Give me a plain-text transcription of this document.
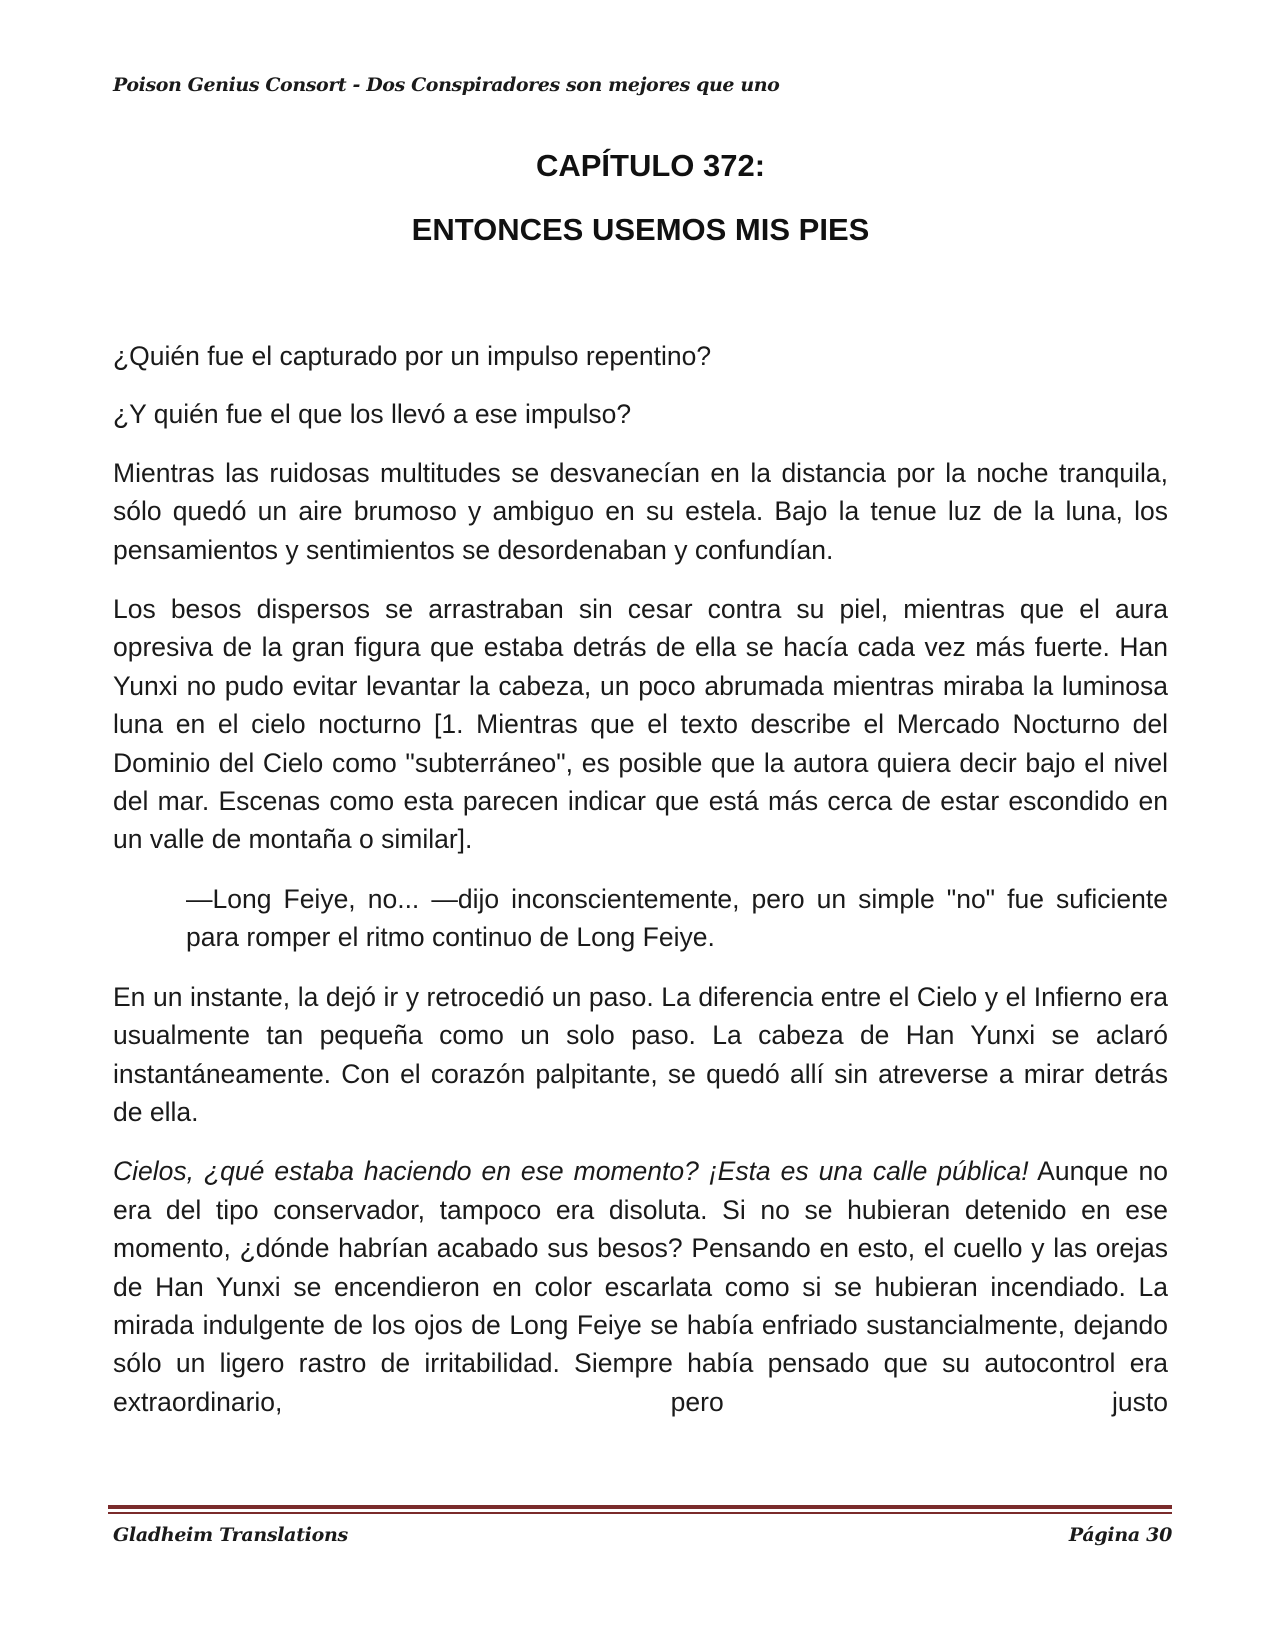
Poison Genius Consort - Dos Conspiradores son mejores que uno
CAPÍTULO 372:
ENTONCES USEMOS MIS PIES

¿Quién fue el capturado por un impulso repentino?

¿Y quién fue el que los llevó a ese impulso?

Mientras las ruidosas multitudes se desvanecían en la distancia por la noche tranquila, sólo quedó un aire brumoso y ambiguo en su estela. Bajo la tenue luz de la luna, los pensamientos y sentimientos se desordenaban y confundían.

Los besos dispersos se arrastraban sin cesar contra su piel, mientras que el aura opresiva de la gran figura que estaba detrás de ella se hacía cada vez más fuerte. Han Yunxi no pudo evitar levantar la cabeza, un poco abrumada mientras miraba la luminosa luna en el cielo nocturno [1. Mientras que el texto describe el Mercado Nocturno del Dominio del Cielo como "subterráneo", es posible que la autora quiera decir bajo el nivel del mar. Escenas como esta parecen indicar que está más cerca de estar escondido en un valle de montaña o similar].

—Long Feiye, no... —dijo inconscientemente, pero un simple "no" fue suficiente para romper el ritmo continuo de Long Feiye.

En un instante, la dejó ir y retrocedió un paso. La diferencia entre el Cielo y el Infierno era usualmente tan pequeña como un solo paso. La cabeza de Han Yunxi se aclaró instantáneamente. Con el corazón palpitante, se quedó allí sin atreverse a mirar detrás de ella.

Cielos, ¿qué estaba haciendo en ese momento? ¡Esta es una calle pública! Aunque no era del tipo conservador, tampoco era disoluta. Si no se hubieran detenido en ese momento, ¿dónde habrían acabado sus besos? Pensando en esto, el cuello y las orejas de Han Yunxi se encendieron en color escarlata como si se hubieran incendiado. La mirada indulgente de los ojos de Long Feiye se había enfriado sustancialmente, dejando sólo un ligero rastro de irritabilidad. Siempre había pensado que su autocontrol era extraordinario, pero justo

Gladheim Translations	Página 30
